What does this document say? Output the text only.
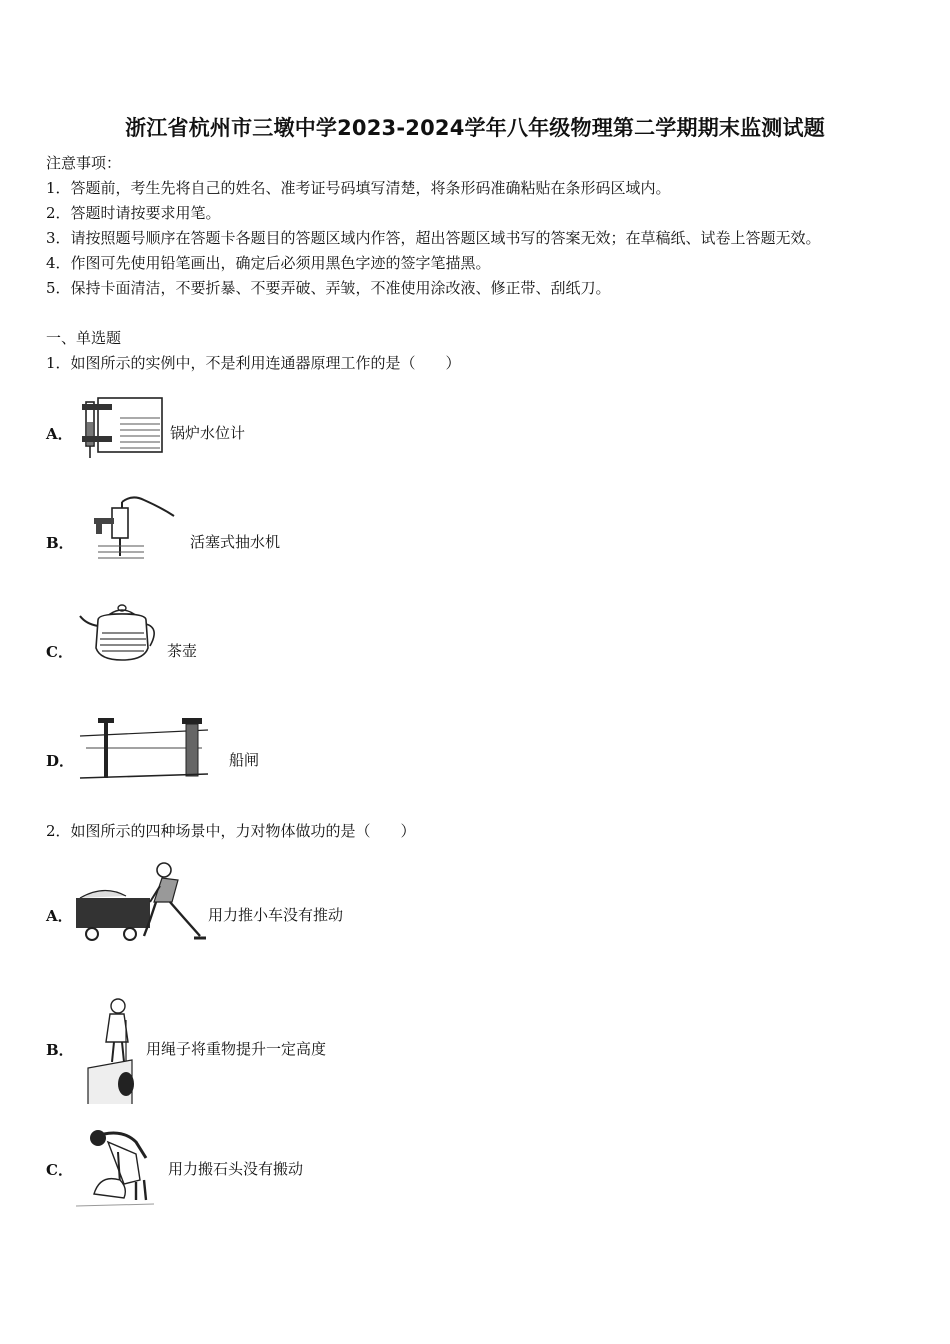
浙江省杭州市三墩中学2023-2024学年八年级物理第二学期期末监测试题
注意事项：
1．答题前，考生先将自己的姓名、准考证号码填写清楚，将条形码准确粘贴在条形码区域内。
2．答题时请按要求用笔。
3．请按照题号顺序在答题卡各题目的答题区域内作答，超出答题区域书写的答案无效；在草稿纸、试卷上答题无效。
4．作图可先使用铅笔画出，确定后必须用黑色字迹的签字笔描黑。
5．保持卡面清洁，不要折暴、不要弄破、弄皱，不准使用涂改液、修正带、刮纸刀。
一、单选题
1．如图所示的实例中，不是利用连通器原理工作的是（　　）
A．	锅炉水位计
B．	活塞式抽水机
C．	茶壶
D．	船闸
2．如图所示的四种场景中，力对物体做功的是（　　）
A．	用力推小车没有推动
B．	用绳子将重物提升一定高度
C．	用力搬石头没有搬动
